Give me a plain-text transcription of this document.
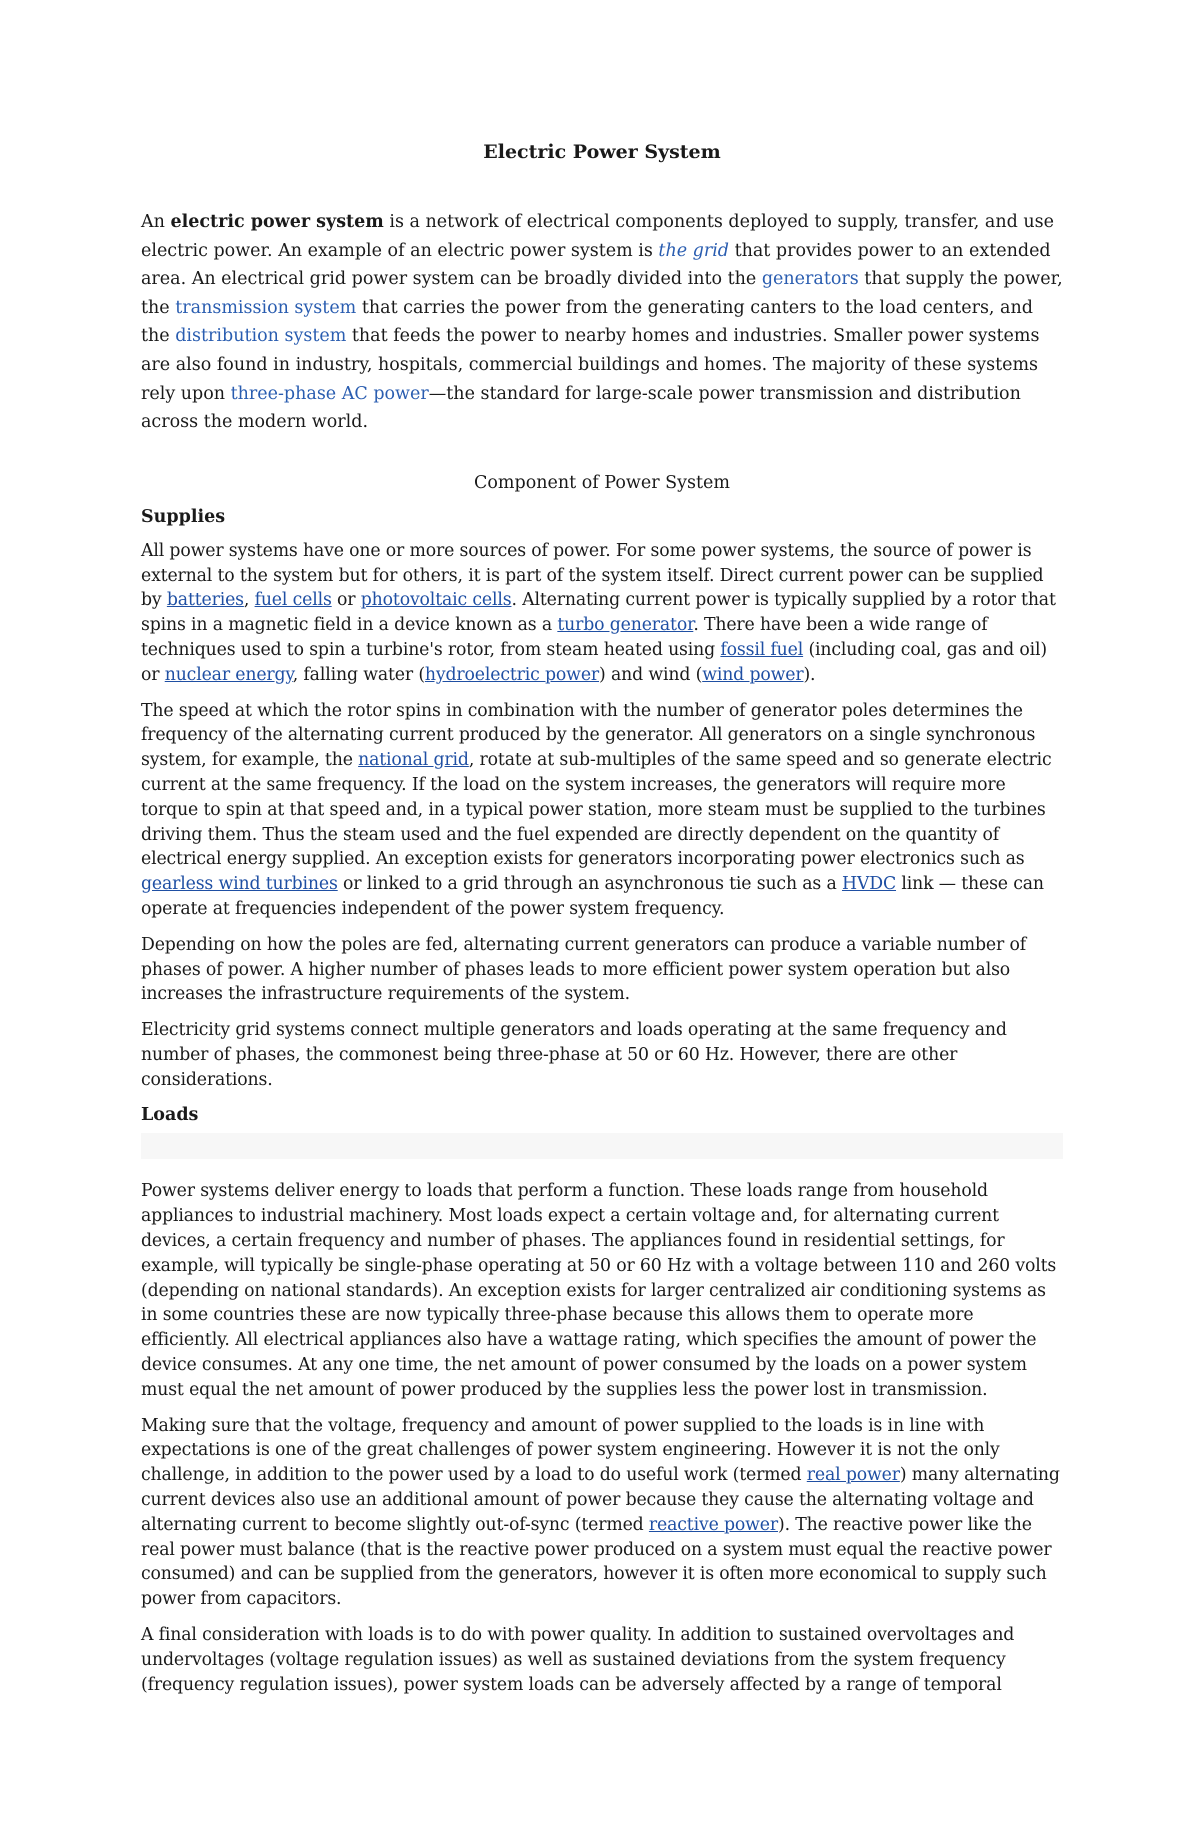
Electric Power System

An electric power system is a network of electrical components deployed to supply, transfer, and use electric power. An example of an electric power system is the grid that provides power to an extended area. An electrical grid power system can be broadly divided into the generators that supply the power, the transmission system that carries the power from the generating canters to the load centers, and the distribution system that feeds the power to nearby homes and industries. Smaller power systems are also found in industry, hospitals, commercial buildings and homes. The majority of these systems rely upon three-phase AC power—the standard for large-scale power transmission and distribution across the modern world.

Component of Power System
Supplies

All power systems have one or more sources of power. For some power systems, the source of power is external to the system but for others, it is part of the system itself. Direct current power can be supplied by batteries, fuel cells or photovoltaic cells. Alternating current power is typically supplied by a rotor that spins in a magnetic field in a device known as a turbo generator. There have been a wide range of techniques used to spin a turbine's rotor, from steam heated using fossil fuel (including coal, gas and oil) or nuclear energy, falling water (hydroelectric power) and wind (wind power).

The speed at which the rotor spins in combination with the number of generator poles determines the frequency of the alternating current produced by the generator. All generators on a single synchronous system, for example, the national grid, rotate at sub-multiples of the same speed and so generate electric current at the same frequency. If the load on the system increases, the generators will require more torque to spin at that speed and, in a typical power station, more steam must be supplied to the turbines driving them. Thus the steam used and the fuel expended are directly dependent on the quantity of electrical energy supplied. An exception exists for generators incorporating power electronics such as gearless wind turbines or linked to a grid through an asynchronous tie such as a HVDC link — these can operate at frequencies independent of the power system frequency.

Depending on how the poles are fed, alternating current generators can produce a variable number of phases of power. A higher number of phases leads to more efficient power system operation but also increases the infrastructure requirements of the system.

Electricity grid systems connect multiple generators and loads operating at the same frequency and number of phases, the commonest being three-phase at 50 or 60 Hz. However, there are other considerations.

Loads

Power systems deliver energy to loads that perform a function. These loads range from household appliances to industrial machinery. Most loads expect a certain voltage and, for alternating current devices, a certain frequency and number of phases. The appliances found in residential settings, for example, will typically be single-phase operating at 50 or 60 Hz with a voltage between 110 and 260 volts (depending on national standards). An exception exists for larger centralized air conditioning systems as in some countries these are now typically three-phase because this allows them to operate more efficiently. All electrical appliances also have a wattage rating, which specifies the amount of power the device consumes. At any one time, the net amount of power consumed by the loads on a power system must equal the net amount of power produced by the supplies less the power lost in transmission.

Making sure that the voltage, frequency and amount of power supplied to the loads is in line with expectations is one of the great challenges of power system engineering. However it is not the only challenge, in addition to the power used by a load to do useful work (termed real power) many alternating current devices also use an additional amount of power because they cause the alternating voltage and alternating current to become slightly out-of-sync (termed reactive power). The reactive power like the real power must balance (that is the reactive power produced on a system must equal the reactive power consumed) and can be supplied from the generators, however it is often more economical to supply such power from capacitors.

A final consideration with loads is to do with power quality. In addition to sustained overvoltages and undervoltages (voltage regulation issues) as well as sustained deviations from the system frequency (frequency regulation issues), power system loads can be adversely affected by a range of temporal
